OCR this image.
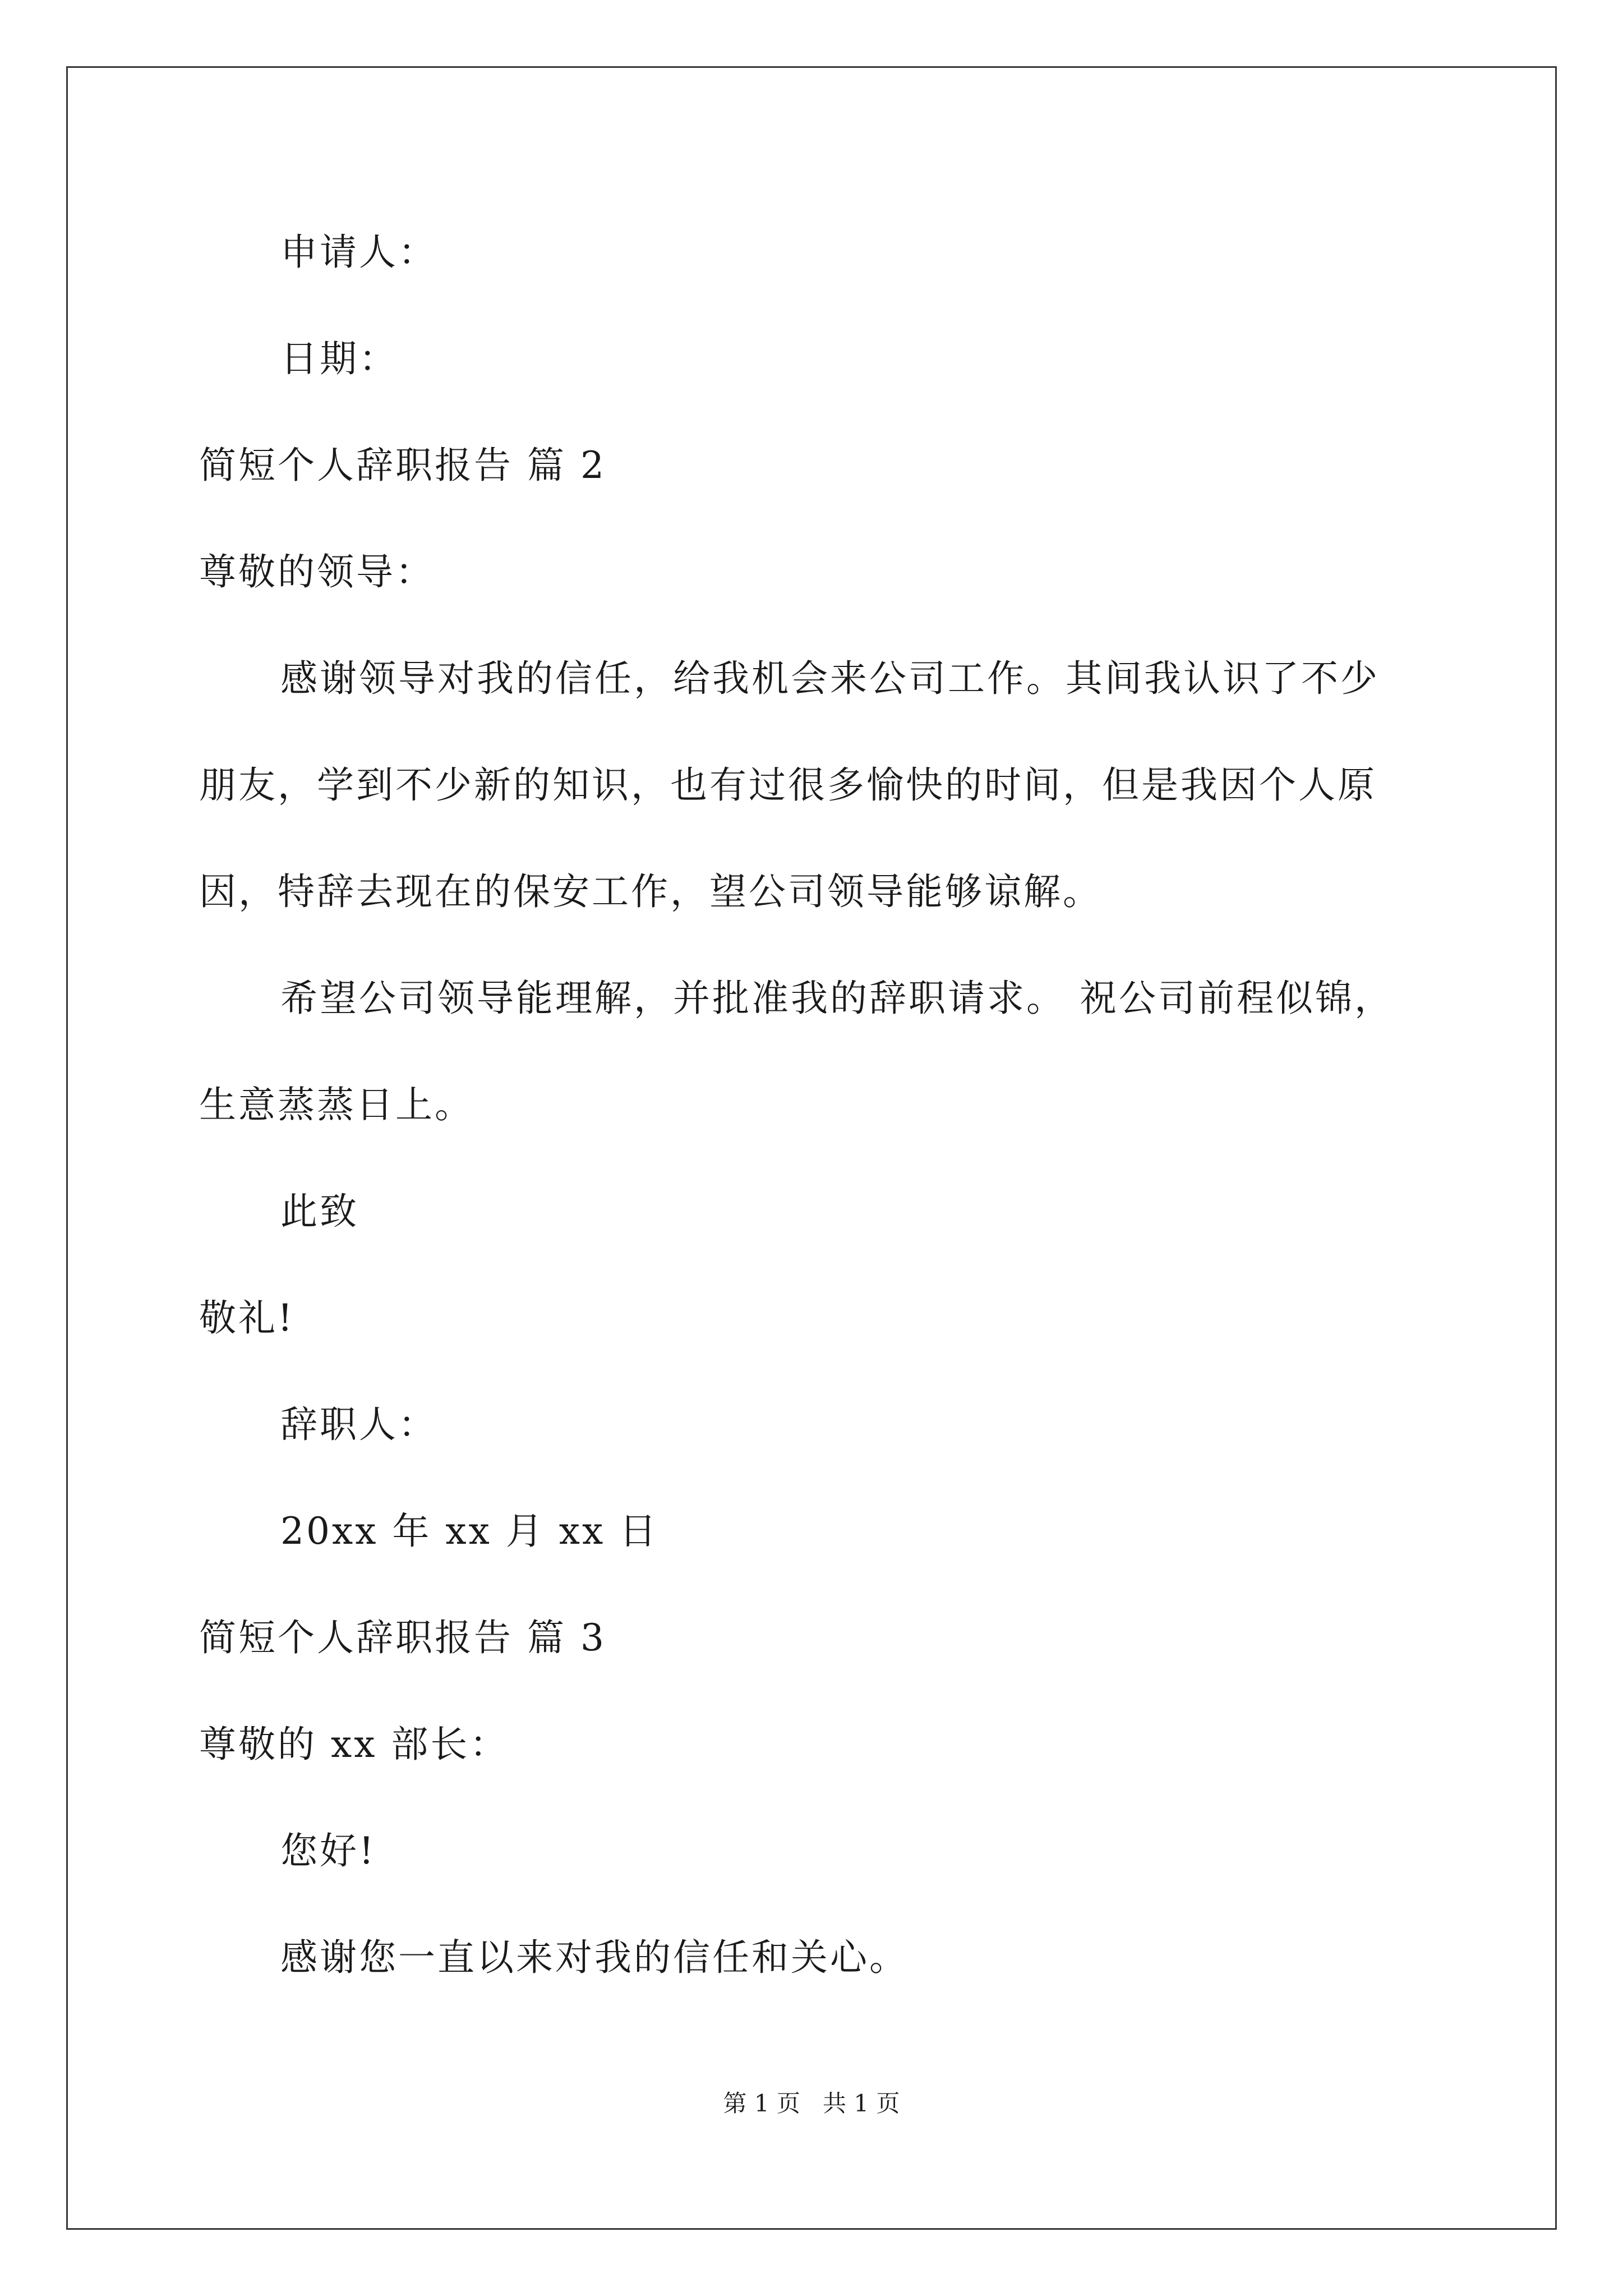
申请人：
日期：
简短个人辞职报告 篇 2
尊敬的领导：
感谢领导对我的信任，给我机会来公司工作。其间我认识了不少
朋友，学到不少新的知识，也有过很多愉快的时间，但是我因个人原
因，特辞去现在的保安工作，望公司领导能够谅解。
希望公司领导能理解，并批准我的辞职请求。 祝公司前程似锦，
生意蒸蒸日上。
此致
敬礼!
辞职人：
20xx 年 xx 月 xx 日
简短个人辞职报告 篇 3
尊敬的 xx 部长：
您好!
感谢您一直以来对我的信任和关心。
第 1 页   共 1 页
